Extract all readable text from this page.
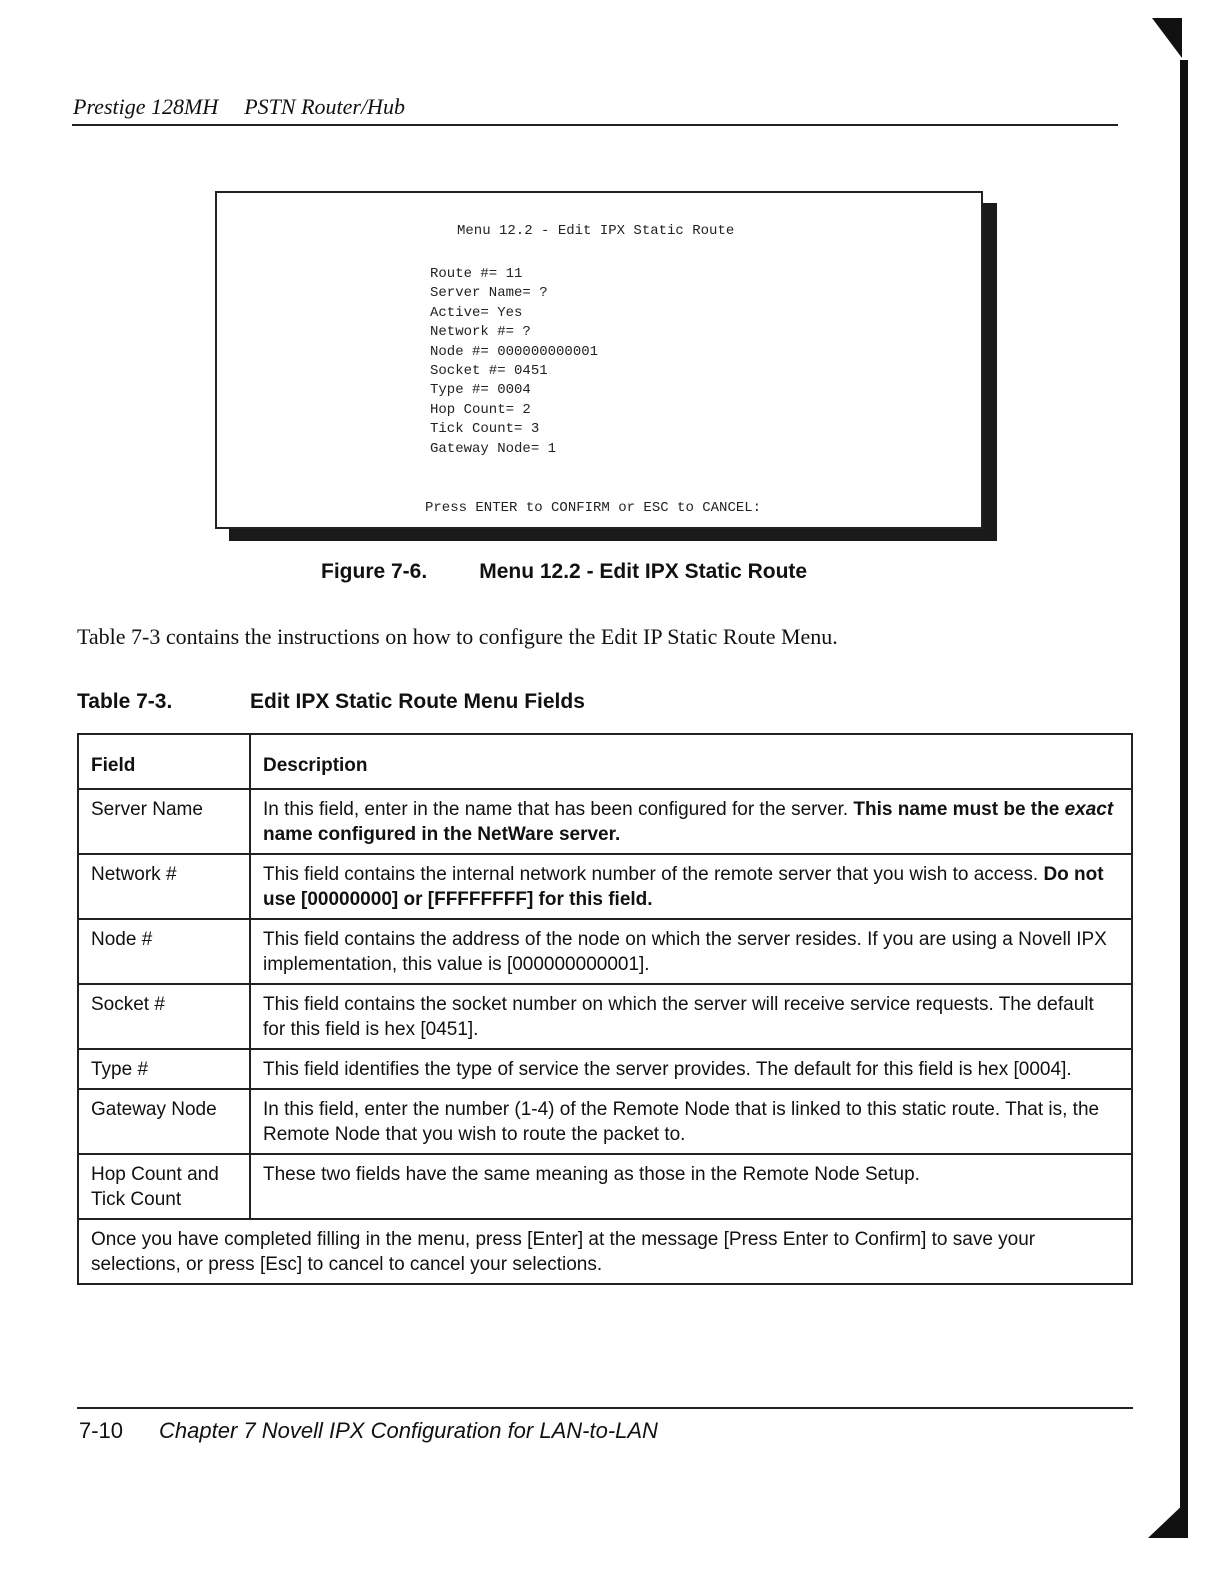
Prestige 128MH PSTN Router/Hub
Menu 12.2 - Edit IPX Static Route
Route #= 11
Server Name= ?
Active= Yes
Network #= ?
Node #= 000000000001
Socket #= 0451
Type #= 0004
Hop Count= 2
Tick Count= 3
Gateway Node= 1
Press ENTER to CONFIRM or ESC to CANCEL:
Figure 7-6. Menu 12.2 - Edit IPX Static Route
Table 7-3 contains the instructions on how to configure the Edit IP Static Route Menu.
Table 7-3.	Edit IPX Static Route Menu Fields
Field	Description
Server Name	In this field, enter in the name that has been configured for the server. This name must be the exact name configured in the NetWare server.
Network #	This field contains the internal network number of the remote server that you wish to access. Do not use [00000000] or [FFFFFFFF] for this field.
Node #	This field contains the address of the node on which the server resides. If you are using a Novell IPX implementation, this value is [000000000001].
Socket #	This field contains the socket number on which the server will receive service requests. The default for this field is hex [0451].
Type #	This field identifies the type of service the server provides. The default for this field is hex [0004].
Gateway Node	In this field, enter the number (1-4) of the Remote Node that is linked to this static route. That is, the Remote Node that you wish to route the packet to.
Hop Count and Tick Count	These two fields have the same meaning as those in the Remote Node Setup.
Once you have completed filling in the menu, press [Enter] at the message [Press Enter to Confirm] to save your selections, or press [Esc] to cancel to cancel your selections.	
7-10 Chapter 7 Novell IPX Configuration for LAN-to-LAN
